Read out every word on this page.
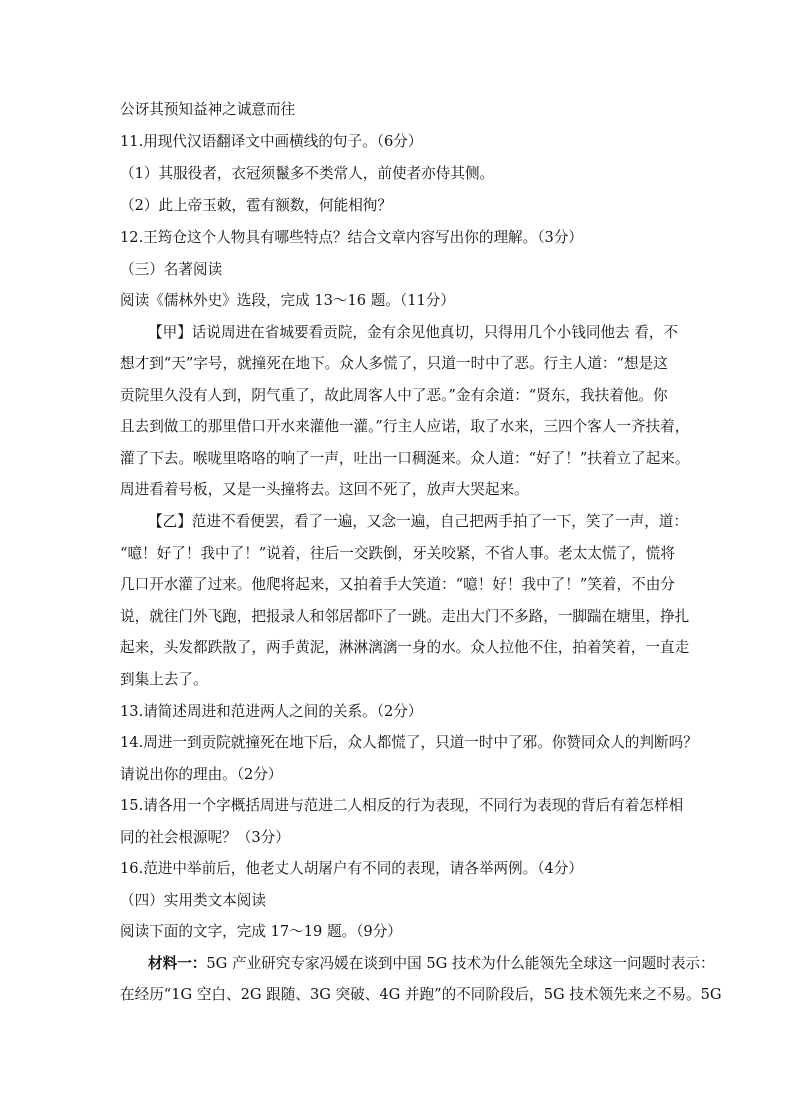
公讶其预知益神之诚意而往
11.用现代汉语翻译文中画横线的句子。（6分）
（1）其服役者，衣冠须鬣多不类常人，前使者亦侍其侧。
（2）此上帝玉敕，雹有额数，何能相徇？
12.王筠仓这个人物具有哪些特点？结合文章内容写出你的理解。（3分）
（三）名著阅读
阅读《儒林外史》选段，完成 13～16 题。（11分）
【甲】话说周进在省城要看贡院，金有余见他真切，只得用几个小钱同他去 看，不
想才到“天”字号，就撞死在地下。众人多慌了，只道一时中了恶。行主人道：“想是这
贡院里久没有人到，阴气重了，故此周客人中了恶。”金有余道：“贤东，我扶着他。你
且去到做工的那里借口开水来灌他一灌。”行主人应诺，取了水来，三四个客人一齐扶着，
灌了下去。喉咙里咯咯的响了一声，吐出一口稠涎来。众人道：“好了！”扶着立了起来。
周进看着号板，又是一头撞将去。这回不死了，放声大哭起来。
【乙】范进不看便罢，看了一遍，又念一遍，自己把两手拍了一下，笑了一声，道：
“噫！好了！我中了！”说着，往后一交跌倒，牙关咬紧，不省人事。老太太慌了，慌将
几口开水灌了过来。他爬将起来，又拍着手大笑道：“噫！好！我中了！”笑着，不由分
说，就往门外飞跑，把报录人和邻居都吓了一跳。走出大门不多路，一脚踹在塘里，挣扎
起来，头发都跌散了，两手黄泥，淋淋漓漓一身的水。众人拉他不住，拍着笑着，一直走
到集上去了。
13.请简述周进和范进两人之间的关系。（2分）
14.周进一到贡院就撞死在地下后，众人都慌了，只道一时中了邪。你赞同众人的判断吗？
请说出你的理由。（2分）
15.请各用一个字概括周进与范进二人相反的行为表现，不同行为表现的背后有着怎样相
同的社会根源呢？（3分）
16.范进中举前后，他老丈人胡屠户有不同的表现，请各举两例。（4分）
（四）实用类文本阅读
阅读下面的文字，完成 17～19 题。（9分）
材料一：5G 产业研究专家冯媛在谈到中国 5G 技术为什么能领先全球这一问题时表示：
在经历“1G 空白、2G 跟随、3G 突破、4G 并跑”的不同阶段后，5G 技术领先来之不易。5G
